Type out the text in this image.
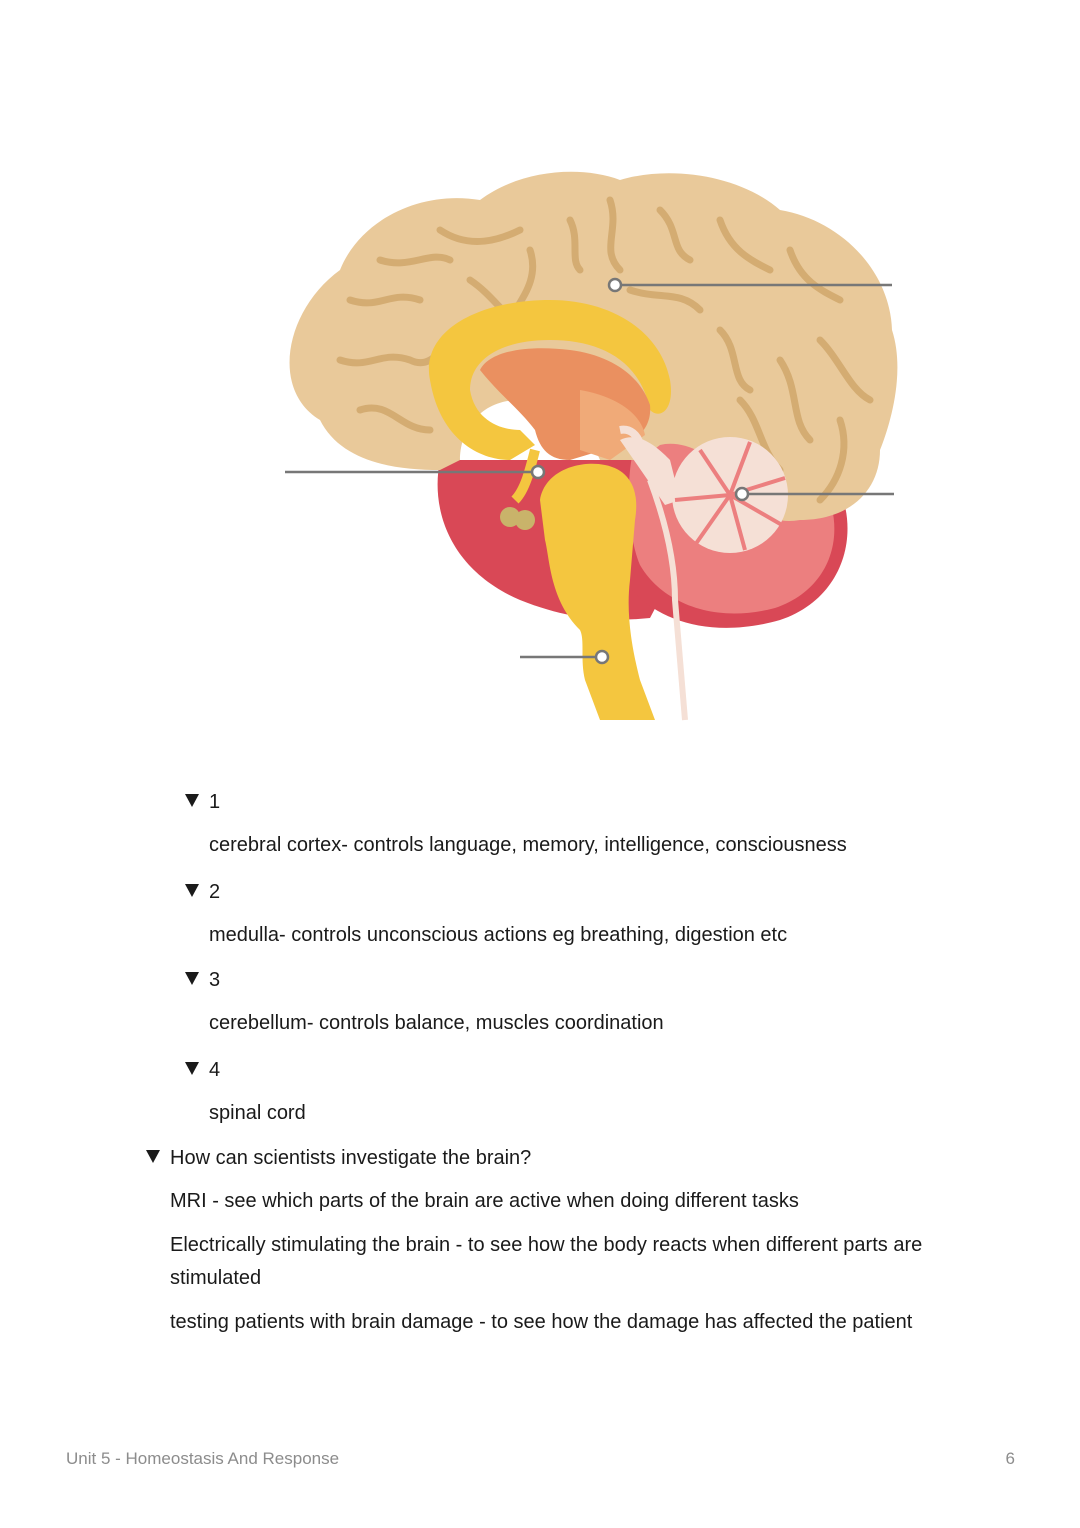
1
cerebral cortex- controls language, memory, intelligence, consciousness
2
medulla- controls unconscious actions eg breathing, digestion etc
3
cerebellum- controls balance, muscles coordination
4
spinal cord
How can scientists investigate the brain?
MRI - see which parts of the brain are active when doing different tasks
Electrically stimulating the brain - to see how the body reacts when different parts are stimulated
testing patients with brain damage - to see how the damage has affected the patient
Unit 5 - Homeostasis And Response	6
